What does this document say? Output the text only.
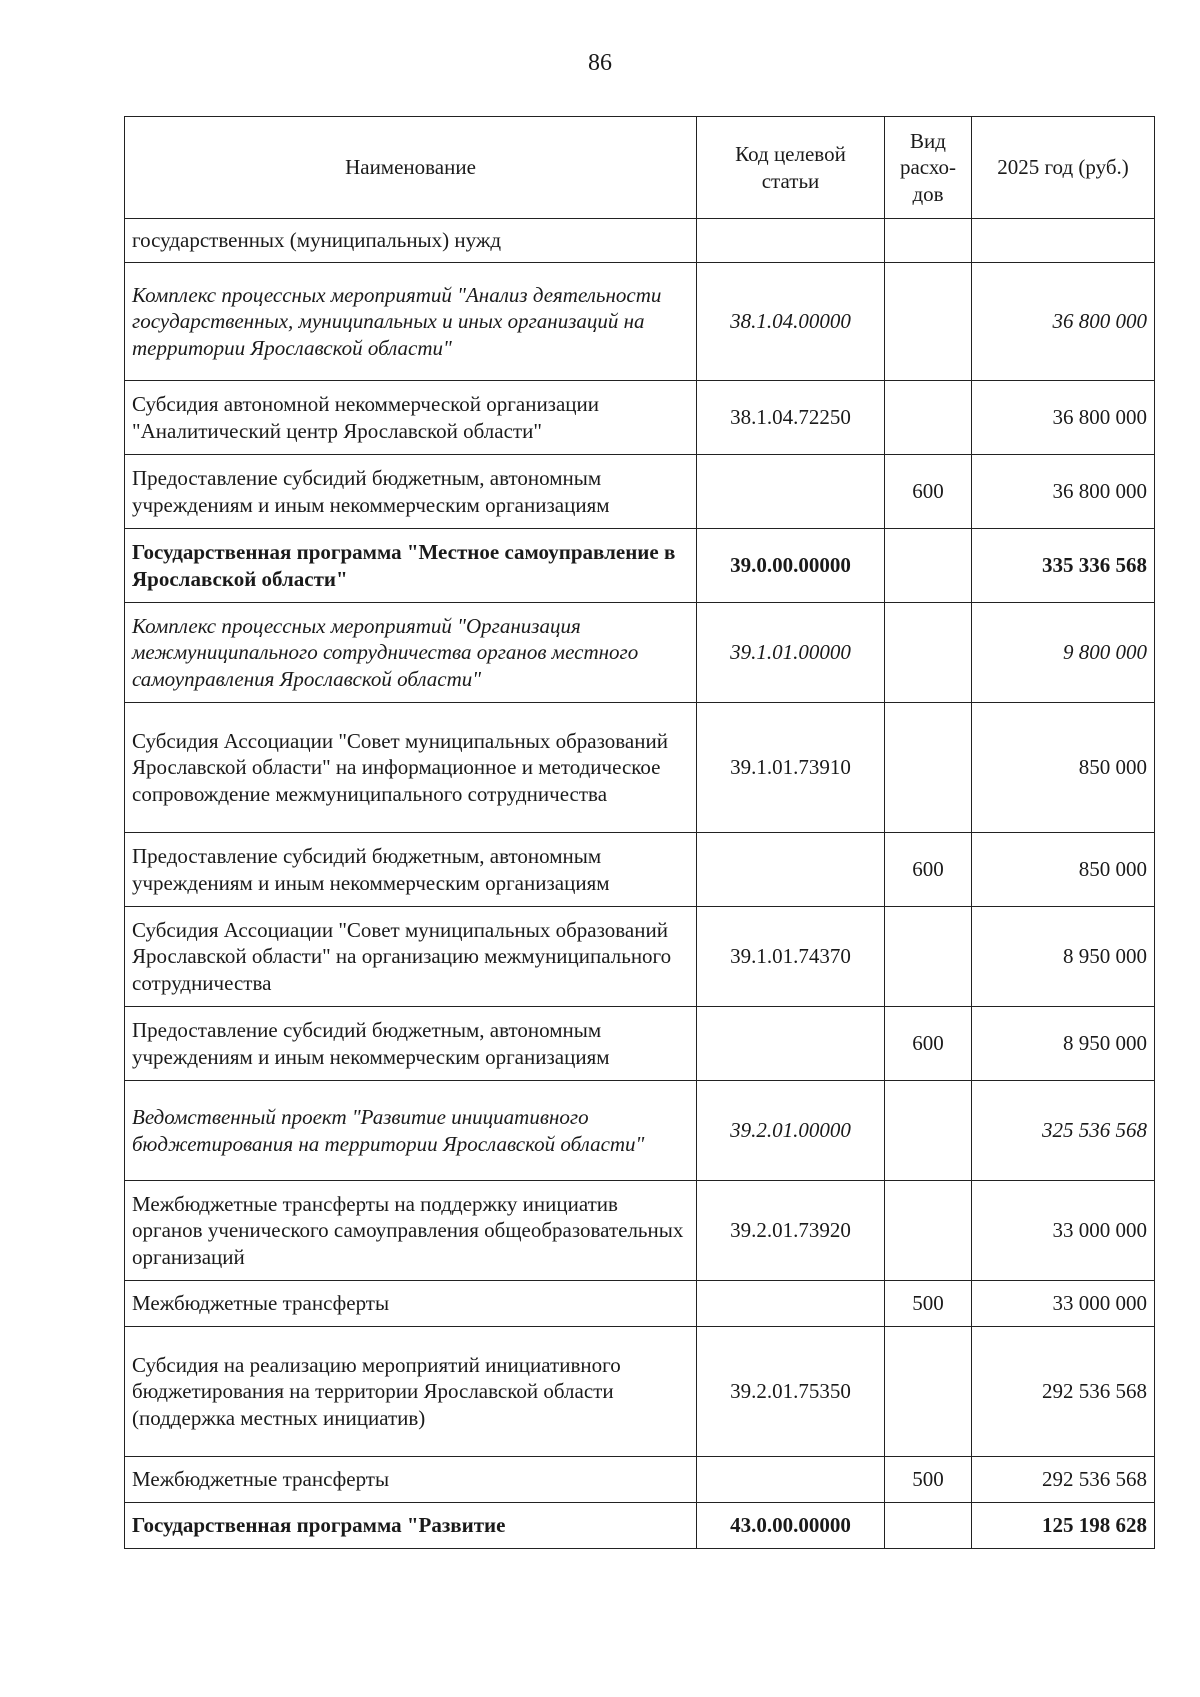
86
Наименование	Код целевой статьи	Вид расхо- дов	2025 год (руб.)
государственных (муниципальных) нужд			
Комплекс процессных мероприятий "Анализ деятельности государственных, муниципальных и иных организаций на территории Ярославской области"	38.1.04.00000		36 800 000
Субсидия автономной некоммерческой организации "Аналитический центр Ярославской области"	38.1.04.72250		36 800 000
Предоставление субсидий бюджетным, автономным учреждениям и иным некоммерческим организациям		600	36 800 000
Государственная программа "Местное самоуправление в Ярославской области"	39.0.00.00000		335 336 568
Комплекс процессных мероприятий "Организация межмуниципального сотрудничества органов местного самоуправления Ярославской области"	39.1.01.00000		9 800 000
Субсидия Ассоциации "Совет муниципальных образований Ярославской области" на информационное и методическое сопровождение межмуниципального сотрудничества	39.1.01.73910		850 000
Предоставление субсидий бюджетным, автономным учреждениям и иным некоммерческим организациям		600	850 000
Субсидия Ассоциации "Совет муниципальных образований Ярославской области" на организацию межмуниципального сотрудничества	39.1.01.74370		8 950 000
Предоставление субсидий бюджетным, автономным учреждениям и иным некоммерческим организациям		600	8 950 000
Ведомственный проект "Развитие инициативного бюджетирования на территории Ярославской области"	39.2.01.00000		325 536 568
Межбюджетные трансферты на поддержку инициатив органов ученического самоуправления общеобразовательных организаций	39.2.01.73920		33 000 000
Межбюджетные трансферты		500	33 000 000
Субсидия на реализацию мероприятий инициативного бюджетирования на территории Ярославской области (поддержка местных инициатив)	39.2.01.75350		292 536 568
Межбюджетные трансферты		500	292 536 568
Государственная программа "Развитие	43.0.00.00000		125 198 628
